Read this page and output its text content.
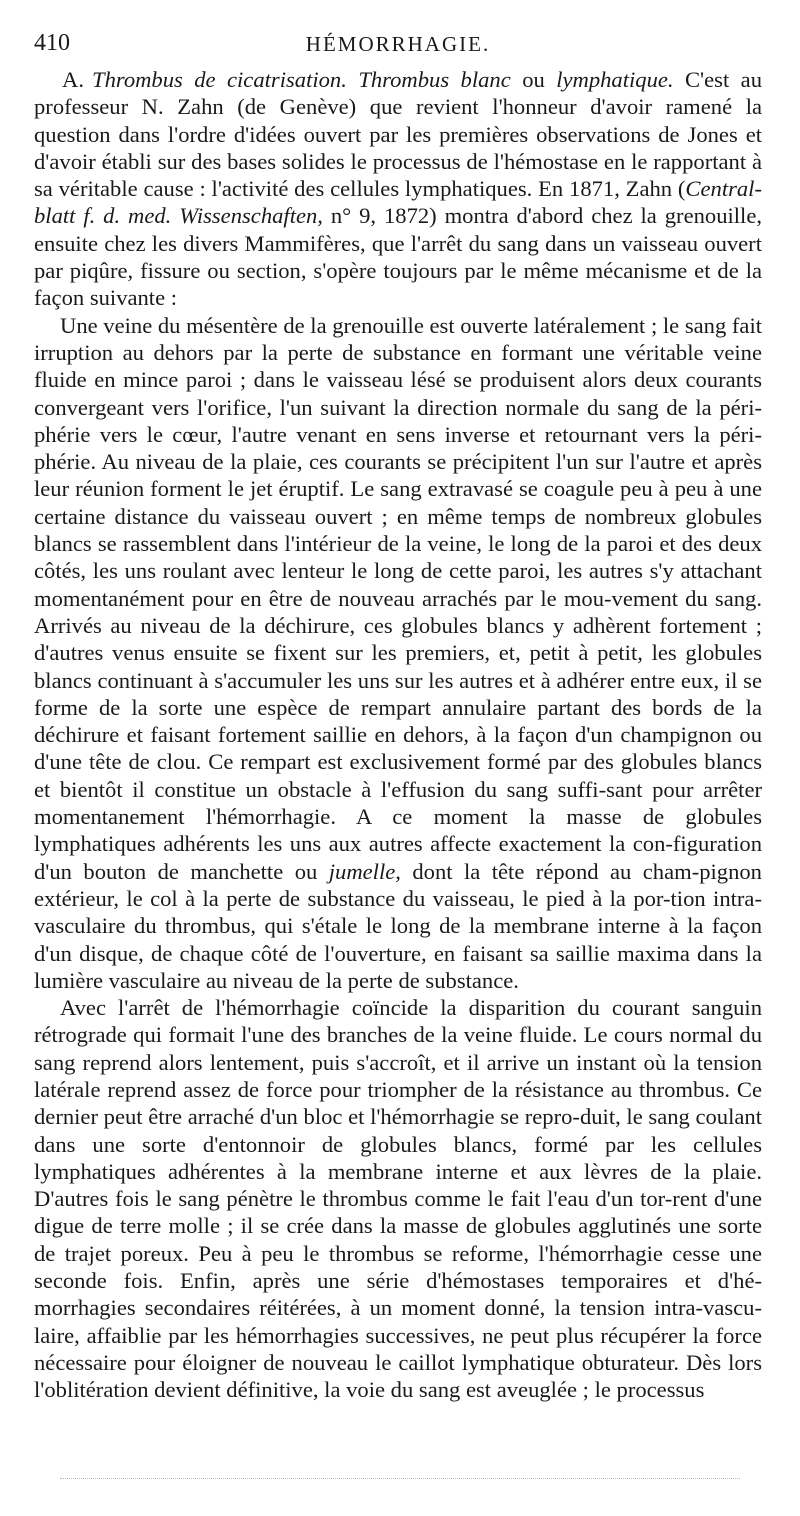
410	HÉMORRHAGIE.

A. Thrombus de cicatrisation. Thrombus blanc ou lymphatique. C'est au professeur N. Zahn (de Genève) que revient l'honneur d'avoir ramené la question dans l'ordre d'idées ouvert par les premières observations de Jones et d'avoir établi sur des bases solides le processus de l'hémostase en le rapportant à sa véritable cause : l'activité des cellules lymphatiques. En 1871, Zahn (Central-blatt f. d. med. Wissenschaften, n° 9, 1872) montra d'abord chez la grenouille, ensuite chez les divers Mammifères, que l'arrêt du sang dans un vaisseau ouvert par piqûre, fissure ou section, s'opère toujours par le même mécanisme et de la façon suivante :

Une veine du mésentère de la grenouille est ouverte latéralement ; le sang fait irruption au dehors par la perte de substance en formant une véritable veine fluide en mince paroi ; dans le vaisseau lésé se produisent alors deux courants convergeant vers l'orifice, l'un suivant la direction normale du sang de la péri-phérie vers le cœur, l'autre venant en sens inverse et retournant vers la péri-phérie. Au niveau de la plaie, ces courants se précipitent l'un sur l'autre et après leur réunion forment le jet éruptif. Le sang extravasé se coagule peu à peu à une certaine distance du vaisseau ouvert ; en même temps de nombreux globules blancs se rassemblent dans l'intérieur de la veine, le long de la paroi et des deux côtés, les uns roulant avec lenteur le long de cette paroi, les autres s'y attachant momentanément pour en être de nouveau arrachés par le mou-vement du sang. Arrivés au niveau de la déchirure, ces globules blancs y adhèrent fortement ; d'autres venus ensuite se fixent sur les premiers, et, petit à petit, les globules blancs continuant à s'accumuler les uns sur les autres et à adhérer entre eux, il se forme de la sorte une espèce de rempart annulaire partant des bords de la déchirure et faisant fortement saillie en dehors, à la façon d'un champignon ou d'une tête de clou. Ce rempart est exclusivement formé par des globules blancs et bientôt il constitue un obstacle à l'effusion du sang suffi-sant pour arrêter momentanement l'hémorrhagie. A ce moment la masse de globules lymphatiques adhérents les uns aux autres affecte exactement la con-figuration d'un bouton de manchette ou jumelle, dont la tête répond au cham-pignon extérieur, le col à la perte de substance du vaisseau, le pied à la por-tion intra-vasculaire du thrombus, qui s'étale le long de la membrane interne à la façon d'un disque, de chaque côté de l'ouverture, en faisant sa saillie maxima dans la lumière vasculaire au niveau de la perte de substance.

Avec l'arrêt de l'hémorrhagie coïncide la disparition du courant sanguin rétrograde qui formait l'une des branches de la veine fluide. Le cours normal du sang reprend alors lentement, puis s'accroît, et il arrive un instant où la tension latérale reprend assez de force pour triompher de la résistance au thrombus. Ce dernier peut être arraché d'un bloc et l'hémorrhagie se repro-duit, le sang coulant dans une sorte d'entonnoir de globules blancs, formé par les cellules lymphatiques adhérentes à la membrane interne et aux lèvres de la plaie. D'autres fois le sang pénètre le thrombus comme le fait l'eau d'un tor-rent d'une digue de terre molle ; il se crée dans la masse de globules agglutinés une sorte de trajet poreux. Peu à peu le thrombus se reforme, l'hémorrhagie cesse une seconde fois. Enfin, après une série d'hémostases temporaires et d'hé-morrhagies secondaires réitérées, à un moment donné, la tension intra-vascu-laire, affaiblie par les hémorrhagies successives, ne peut plus récupérer la force nécessaire pour éloigner de nouveau le caillot lymphatique obturateur. Dès lors l'oblitération devient définitive, la voie du sang est aveuglée ; le processus
